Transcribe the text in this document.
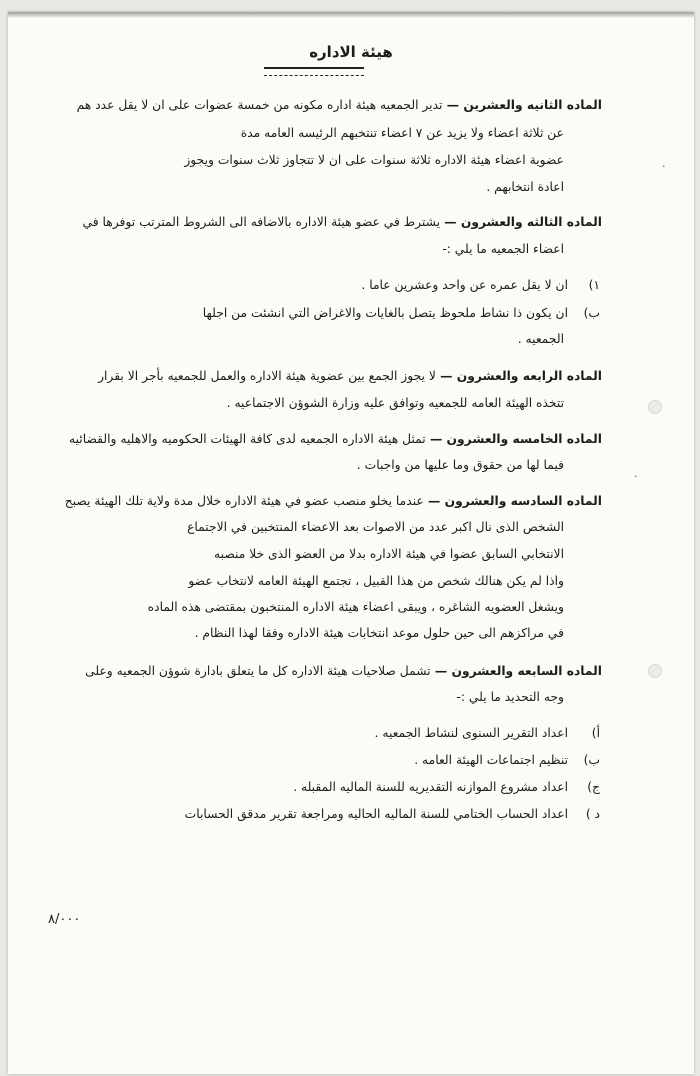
·
·
هيئة الاداره
الماده الثانيه والعشرين — تدير الجمعيه هيئة اداره مكونه من خمسة عضوات على ان لا يقل عدد هم
عن ثلاثة اعضاء ولا يزيد عن ٧ اعضاء تنتخبهم الرئيسه العامه مدة
عضوية اعضاء هيئة الاداره ثلاثة سنوات على ان لا تتجاوز ثلاث سنوات ويجوز
اعادة انتخابهم .
الماده الثالثه والعشرون — يشترط في عضو هيئة الاداره بالاضافه الى الشروط المترتب توفرها في
اعضاء الجمعيه ما يلي :-
١)ان لا يقل عمره عن واحد وعشرين عاما .
ب)ان يكون ذا نشاط ملحوظ يتصل بالغايات والاغراض التي انشئت من اجلها
الجمعيه .
الماده الرابعه والعشرون — لا يجوز الجمع بين عضوية هيئة الاداره والعمل للجمعيه بأجر الا بقرار
تتخذه الهيئة العامه للجمعيه وتوافق عليه وزارة الشوؤن الاجتماعيه .
الماده الخامسه والعشرون — تمثل هيئة الاداره الجمعيه لدى كافة الهيئات الحكوميه والاهليه والقضائيه
فيما لها من حقوق وما عليها من واجبات .
الماده السادسه والعشرون — عندما يخلو منصب عضو في هيئة الاداره خلال مدة ولاية تلك الهيئة يصبح
الشخص الذى نال اكبر عدد من الاصوات بعد الاعضاء المنتخبين في الاجتماع
الانتخابي السابق عضوا في هيئة الاداره بدلا من العضو الذى خلا منصبه
واذا لم يكن هنالك شخص من هذا القبيل ، تجتمع الهيئة العامه لانتخاب عضو
ويشغل العضويه الشاغره ، ويبقى اعضاء هيئة الاداره المنتخبون بمقتضى هذه الماده
في مراكزهم الى حين حلول موعد انتخابات هيئة الاداره وفقا لهذا النظام .
الماده السابعه والعشرون — تشمل صلاحيات هيئة الاداره كل ما يتعلق بادارة شوؤن الجمعيه وعلى
وجه التحديد ما يلي :-
أ)اعداد التقرير السنوى لنشاط الجمعيه .
ب)تنظيم اجتماعات الهيئة العامه .
ج)اعداد مشروع الموازنه التقديريه للسنة الماليه المقبله .
د )اعداد الحساب الختامي للسنة الماليه الحاليه ومراجعة تقرير مدقق الحسابات
٨/٠٠٠
